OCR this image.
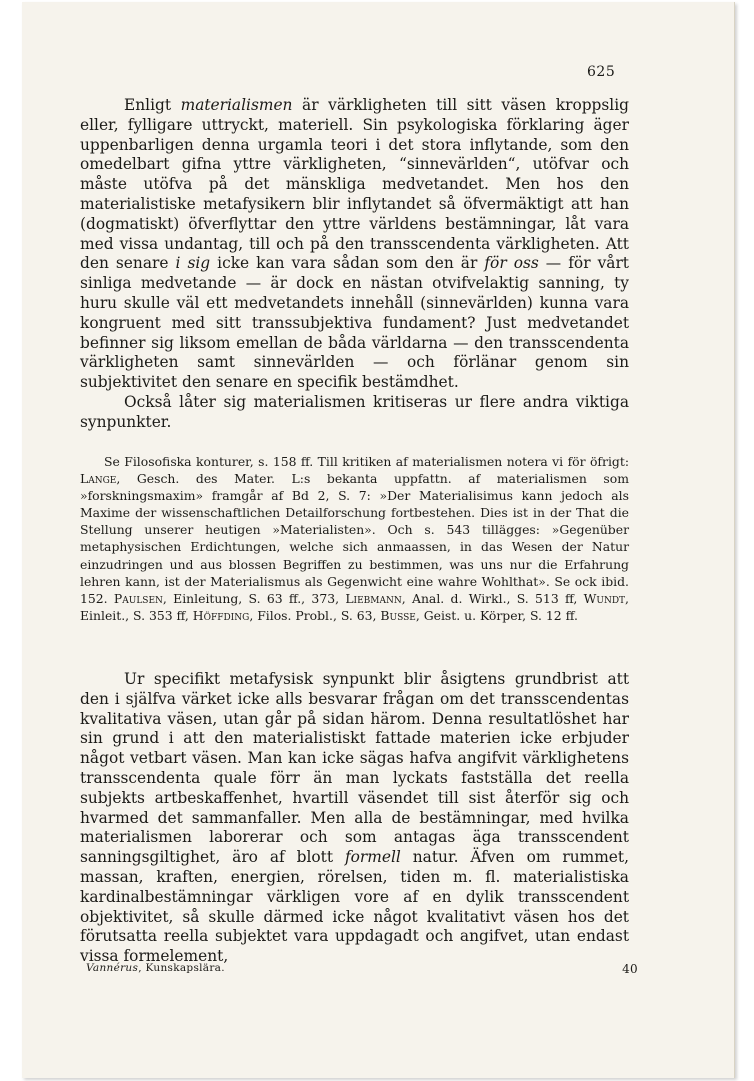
625

Enligt materialismen är värkligheten till sitt väsen kroppslig eller, fylligare uttryckt, materiell. Sin psykologiska förklaring äger uppenbarligen denna urgamla teori i det stora inflytande, som den omedelbart gifna yttre värkligheten, “sinnevärlden“, utöfvar och måste utöfva på det mänskliga medvetandet. Men hos den materialistiske metafysikern blir inflytandet så öfvermäktigt att han (dogmatiskt) öfverflyttar den yttre världens bestämningar, låt vara med vissa undantag, till och på den transscendenta värkligheten. Att den senare i sig icke kan vara sådan som den är för oss — för vårt sinliga medvetande — är dock en nästan otvifvelaktig sanning, ty huru skulle väl ett medvetandets innehåll (sinnevärlden) kunna vara kongruent med sitt transsubjektiva fundament? Just medvetandet befinner sig liksom emellan de båda världarna — den transscendenta värkligheten samt sinnevärlden — och förlänar genom sin subjektivitet den senare en specifik bestämdhet.

Också låter sig materialismen kritiseras ur flere andra viktiga synpunkter.

Se Filosofiska konturer, s. 158 ff. Till kritiken af materialismen notera vi för öfrigt: Lange, Gesch. des Mater. L:s bekanta uppfattn. af materialismen som »forskningsmaxim» framgår af Bd 2, S. 7: »Der Materialisimus kann jedoch als Maxime der wissenschaftlichen Detailforschung fortbestehen. Dies ist in der That die Stellung unserer heutigen »Materialisten». Och s. 543 tillägges: »Gegenüber metaphysischen Erdichtungen, welche sich anmaassen, in das Wesen der Natur einzudringen und aus blossen Begriffen zu bestimmen, was uns nur die Erfahrung lehren kann, ist der Materialismus als Gegenwicht eine wahre Wohlthat». Se ock ibid. 152. Paulsen, Einleitung, S. 63 ff., 373, Liebmann, Anal. d. Wirkl., S. 513 ff, Wundt, Einleit., S. 353 ff, Höffding, Filos. Probl., S. 63, Busse, Geist. u. Körper, S. 12 ff.

Ur specifikt metafysisk synpunkt blir åsigtens grundbrist att den i själfva värket icke alls besvarar frågan om det transscendentas kvalitativa väsen, utan går på sidan härom. Denna resultatlöshet har sin grund i att den materialistiskt fattade materien icke erbjuder något vetbart väsen. Man kan icke sägas hafva angifvit värklighetens transscendenta quale förr än man lyckats fastställa det reella subjekts artbeskaffenhet, hvartill väsendet till sist återför sig och hvarmed det sammanfaller. Men alla de bestämningar, med hvilka materialismen laborerar och som antagas äga transscendent sanningsgiltighet, äro af blott formell natur. Äfven om rummet, massan, kraften, energien, rörelsen, tiden m. fl. materialistiska kardinalbestämningar värkligen vore af en dylik transscendent objektivitet, så skulle därmed icke något kvalitativt väsen hos det förutsatta reella subjektet vara uppdagadt och angifvet, utan endast vissa formelement,

Vannérus, Kunskapslära.	40
